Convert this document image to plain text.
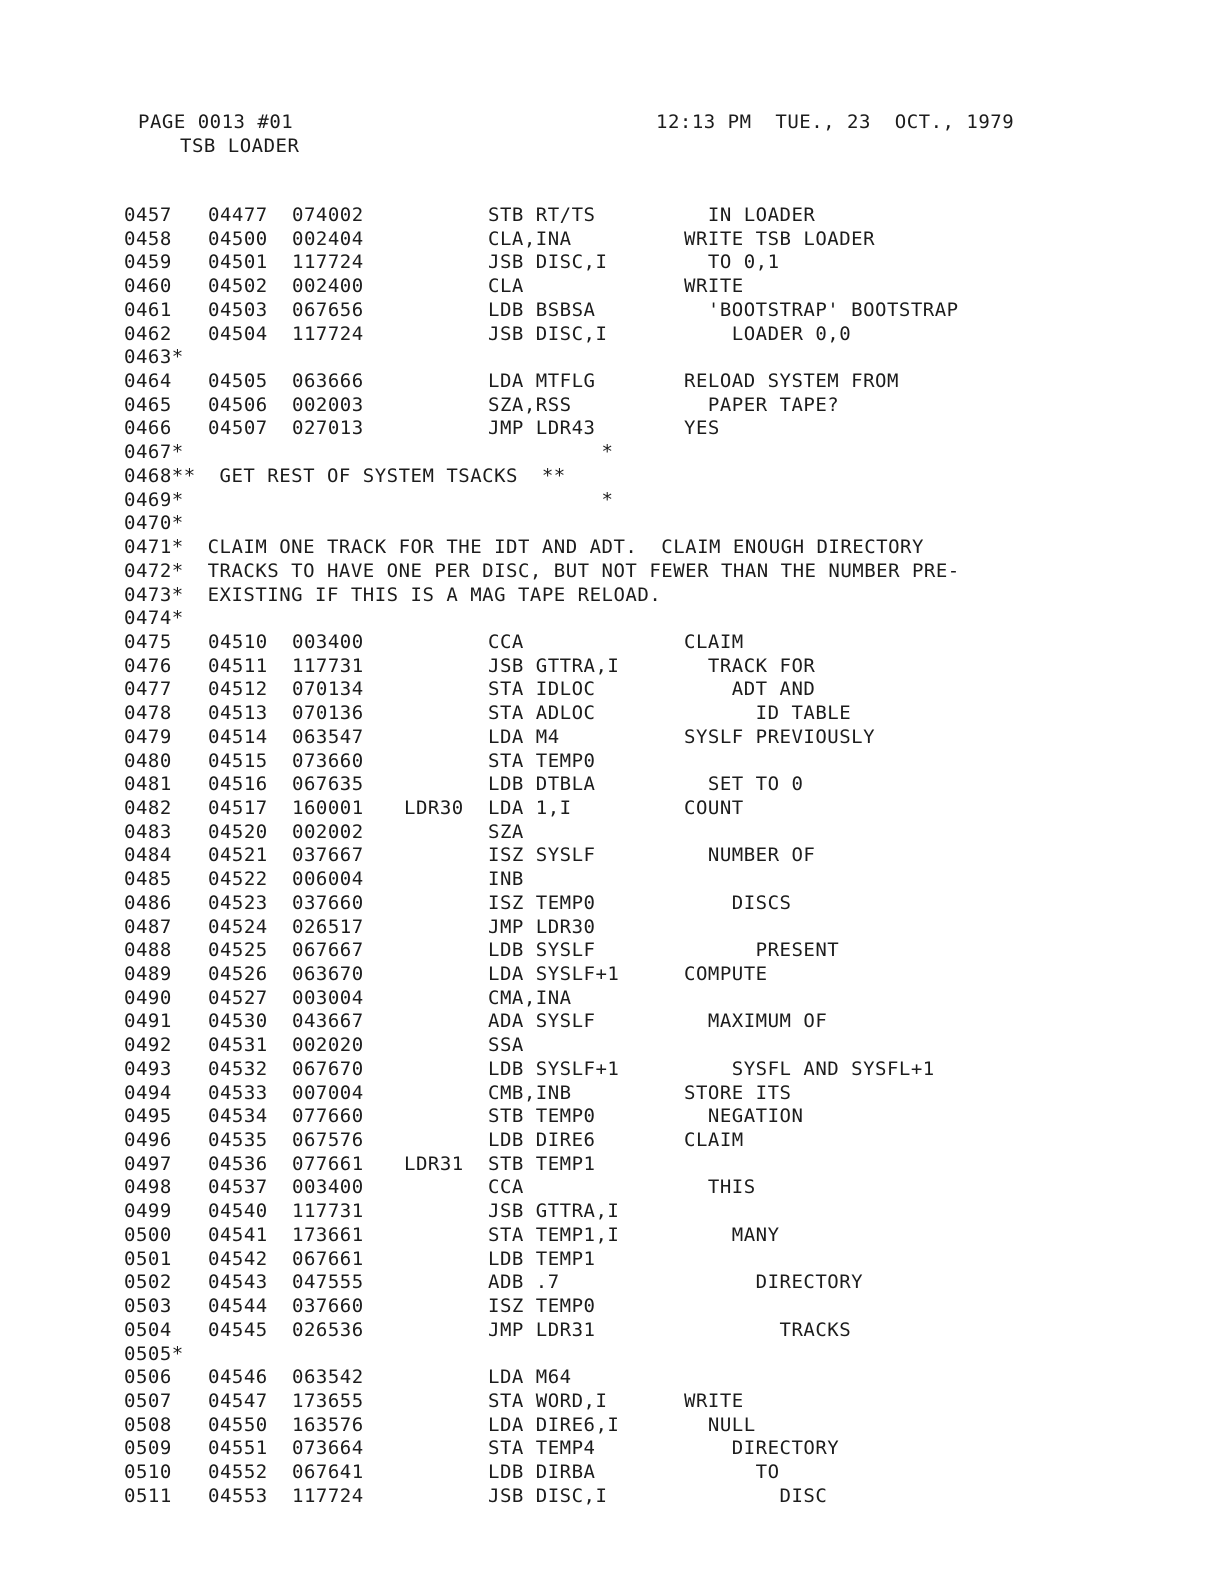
PAGE 0013 #01
TSB LOADER
12:13 PM  TUE., 23  OCT., 1979
0457 04477 074002	STB RT/TS	IN LOADER
0458 04500 002404	CLA,INA	WRITE TSB LOADER
0459 04501 117724	JSB DISC,I	TO 0,1
0460 04502 002400	CLA	WRITE
0461 04503 067656	LDB BSBSA	'BOOTSTRAP' BOOTSTRAP
0462 04504 117724	JSB DISC,I	LOADER 0,0
0463*
0464 04505 063666	LDA MTFLG	RELOAD SYSTEM FROM
0465 04506 002003	SZA,RSS	PAPER TAPE?
0466 04507 027013	JMP LDR43	YES
0467*                                   *
0468**  GET REST OF SYSTEM TSACKS  **
0469*                                   *
0470*
0471*  CLAIM ONE TRACK FOR THE IDT AND ADT.  CLAIM ENOUGH DIRECTORY
0472*  TRACKS TO HAVE ONE PER DISC, BUT NOT FEWER THAN THE NUMBER PRE-
0473*  EXISTING IF THIS IS A MAG TAPE RELOAD.
0474*
0475 04510 003400	CCA	CLAIM
0476 04511 117731	JSB GTTRA,I	TRACK FOR
0477 04512 070134	STA IDLOC	ADT AND
0478 04513 070136	STA ADLOC	ID TABLE
0479 04514 063547	LDA M4	SYSLF PREVIOUSLY
0480 04515 073660	STA TEMP0
0481 04516 067635	LDB DTBLA	SET TO 0
0482 04517 160001 LDR30 LDA 1,I	COUNT
0483 04520 002002	SZA
0484 04521 037667	ISZ SYSLF	NUMBER OF
0485 04522 006004	INB
0486 04523 037660	ISZ TEMP0	DISCS
0487 04524 026517	JMP LDR30
0488 04525 067667	LDB SYSLF	PRESENT
0489 04526 063670	LDA SYSLF+1	COMPUTE
0490 04527 003004	CMA,INA
0491 04530 043667	ADA SYSLF	MAXIMUM OF
0492 04531 002020	SSA
0493 04532 067670	LDB SYSLF+1	SYSFL AND SYSFL+1
0494 04533 007004	CMB,INB	STORE ITS
0495 04534 077660	STB TEMP0	NEGATION
0496 04535 067576	LDB DIRE6	CLAIM
0497 04536 077661 LDR31 STB TEMP1
0498 04537 003400	CCA	THIS
0499 04540 117731	JSB GTTRA,I
0500 04541 173661	STA TEMP1,I	MANY
0501 04542 067661	LDB TEMP1
0502 04543 047555	ADB .7	DIRECTORY
0503 04544 037660	ISZ TEMP0
0504 04545 026536	JMP LDR31	TRACKS
0505*
0506 04546 063542	LDA M64
0507 04547 173655	STA WORD,I	WRITE
0508 04550 163576	LDA DIRE6,I	NULL
0509 04551 073664	STA TEMP4	DIRECTORY
0510 04552 067641	LDB DIRBA	TO
0511 04553 117724	JSB DISC,I	DISC
